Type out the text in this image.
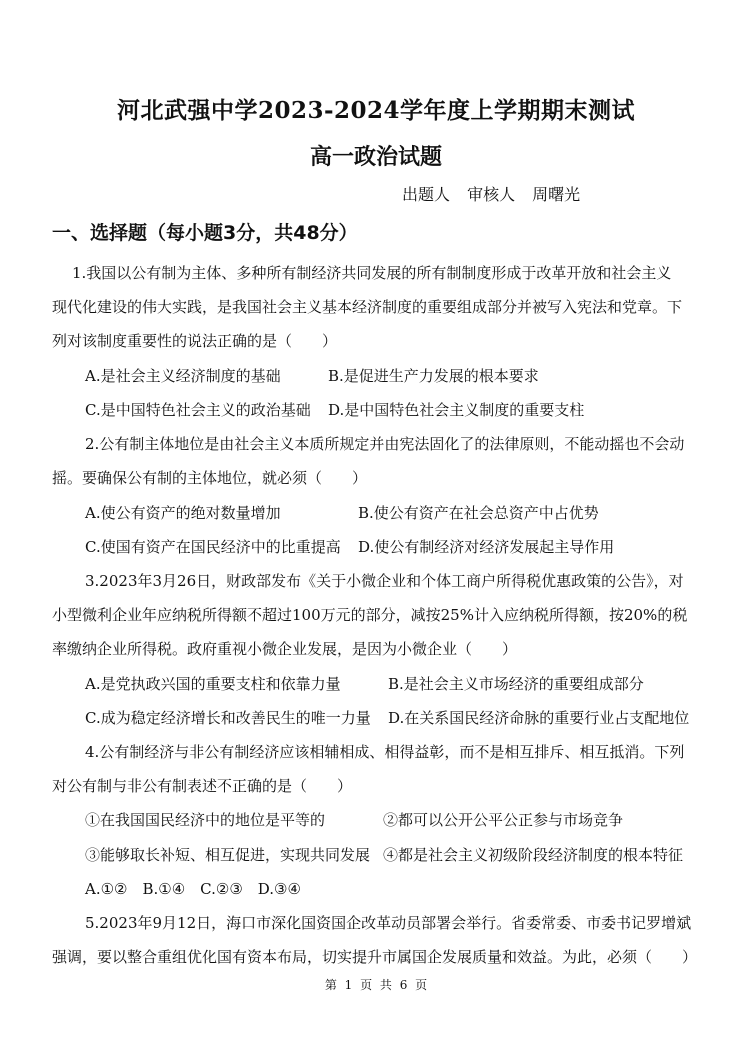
河北武强中学2023-2024学年度上学期期末测试
高一政治试题
出题人 审核人 周曙光
一、选择题（每小题3分，共48分）
1.我国以公有制为主体、多种所有制经济共同发展的所有制制度形成于改革开放和社会主义
现代化建设的伟大实践，是我国社会主义基本经济制度的重要组成部分并被写入宪法和党章。下
列对该制度重要性的说法正确的是（　　）
A.是社会主义经济制度的基础	B.是促进生产力发展的根本要求
C.是中国特色社会主义的政治基础 D.是中国特色社会主义制度的重要支柱
2.公有制主体地位是由社会主义本质所规定并由宪法固化了的法律原则，不能动摇也不会动
摇。要确保公有制的主体地位，就必须（　　）
A.使公有资产的绝对数量增加	B.使公有资产在社会总资产中占优势
C.使国有资产在国民经济中的比重提高 D.使公有制经济对经济发展起主导作用
3.2023年3月26日，财政部发布《关于小微企业和个体工商户所得税优惠政策的公告》，对
小型微利企业年应纳税所得额不超过100万元的部分，减按25%计入应纳税所得额，按20%的税
率缴纳企业所得税。政府重视小微企业发展，是因为小微企业（　　）
A.是党执政兴国的重要支柱和依靠力量	B.是社会主义市场经济的重要组成部分
C.成为稳定经济增长和改善民生的唯一力量 D.在关系国民经济命脉的重要行业占支配地位
4.公有制经济与非公有制经济应该相辅相成、相得益彰，而不是相互排斥、相互抵消。下列
对公有制与非公有制表述不正确的是（　　）
①在我国国民经济中的地位是平等的	②都可以公开公平公正参与市场竞争
③能够取长补短、相互促进，实现共同发展 ④都是社会主义初级阶段经济制度的根本特征
A.①②　B.①④　C.②③　D.③④
5.2023年9月12日，海口市深化国资国企改革动员部署会举行。省委常委、市委书记罗增斌
强调，要以整合重组优化国有资本布局，切实提升市属国企发展质量和效益。为此，必须（　　）
第 1 页 共 6 页
